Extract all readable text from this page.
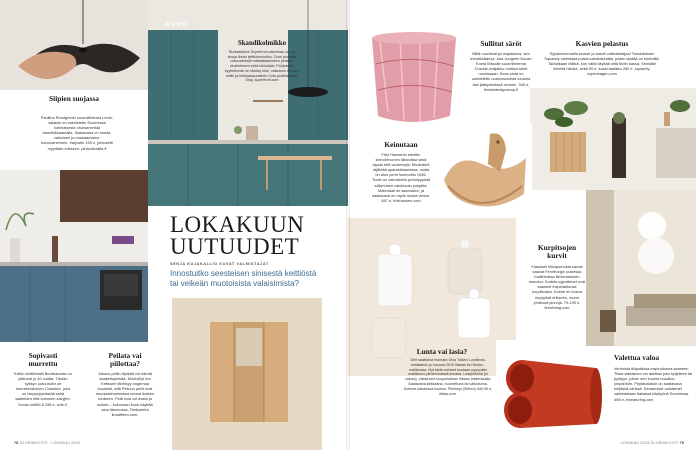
Siipien suojassa
Pauliina Rundgrenin suunnittelema Lento-valaisin on valmistettu Suomessa kotimaisesta ohutvanerista laserleikkaamalla. Saatavana on musta, valkoinen ja maalaamaton, koivuvanerinen. Varjostin 159 e, johtosetti myydään erikseen, pihandicrafts.fi
MEMO
Skandikolmikko
Ruotsalainen Superfront valmistaa ovia ja sivuja Ikean keittiörunkoihin. Zoori yhdistää uutuusdetaljit mattaalaatuiseen pintaan, vivahteiseen sekä lohkotaisi. Pohjoiseen kyyhkiimmin on Maddy blue, valkoinen Almond white ja kirkkaanpunainen Cola pohtimatistyt. Olay, superfront.com
LOKAKUUN
UUTUUDET
SENJA KUJAKALLIO KUVAT VALMISTAJAT
Innostuitko seesteisen sinisestä keittiöstä tai veikeän muotoisista valaisimista?
Sopivasti murrettu
Kvikin keittiömalli Bordeauxsta on jatkunut jo 40 vuotta. Tämän syksyn uutuusväri on murretunsininen Chambre, joka on hieppopyhästää sekä vaaleiden että tummien sävyjen. Kuvan keittiö 6 258 e, kvik.fi.
Peilata vai piilottaa?
Jokaus peilin läpikää voi hämtä kaakeltupiimää. Muotoillyt Ina Kettusen läheisyy ongemaa kuuseidi, sillä Peiluun peilit ovat muusastimoinnissa neoaa ikuisen mulkeen. Pidä ovia voi avata ja sulkea – kokonaan kuva näyttää aina lämmossa. Tiedustelut linadfrtten.com.
78 GLORIAN KOTI · LOKAKUU 2023
Sullitut säröt
Millä roucheampi majakkeus, sen trendikkäämpi. Aaa Jungerin Kuuan Koeta Bissalle suunnittelema Crackle-maljakko roottaa säröt runnissaan. Kova pinta on valmistettu uusiomuovista Iouuma tasi jääkyrimässä veneen. 345 e, finnishdesignshop.fi
Kasvien pelastus
Syyskomennalla tuosse ja kasvit valikaisttsijaa! Tanskalainen Squarely valmistaa puisia kasvitaslutitta, joiden sisältä on eksträllä. Talvialkaan räikkä, kun väliin täyttää niitä tiiviin kassa. Selmälle kiinnitä hiinkiä, sekä 90 e, kussi laatikko 280 e, squarely-copenhagen.com
Keinutaan
Fritz Hansenin eteettin keinuhevonen tähdottaa sekä lapsia että varhempia. Muotokieli räjähtää aparasthaseessa, mutta on alun perin luonnoittu 1946. Tuote on valmistettu prototyypistä säilynneen valokuvan pohjalta. Materiaali on saarnakivi, ja saatavana on myös musta versio. 847 e, fritzhansen.com
Kurpitsojen kurvit
Klassiset hilloipurnukat sarvat saavat Fernthorgin uusiessa mallihtoissa liimivnatorsen muodon. Kurbits-vyjusttimet ovat saaneet inspiraationsa kurpitsoista. Kolme eri kokoa nisytylkät erikseen, mumt yhdessä pinnoja. 79-199 e, fermliving.com
Lunta vai lasia?
Olet saattanut hiomata Olva Toikan Lumilinna-vesistaisin jo vuonna 2010 Iittalan Art Works -malistossa. Nyt taide-esineet tuodaan pysyvään mallistoon pienemmässä koossa. Lasipeitsinä (in uniosa), valokivast suupuhallean Iittalan lasitehtaalla. Saatavana kirkkaana, huurrettuna tai valkoisena. Kolmea kahdessa koossa. Pienimpi (90mm) 440,90 e, iittala.com.
Valettua valoa
Verholsta tiiliputkista inspiroitunna saaneen Tisse-valaisinen voi asettaa joko kyljelleen tai pystyyn, jolloin sen suunta muuttuu ympäriöön. Pöytävalaisin on saatavana neljässä värissä. Keraamiset valaisimet valmistetaan Italiassa käsityönä Suomessa. 498 e, elveaturing.com
LOKAKUU 2023 GLORIAN KOTI 79
